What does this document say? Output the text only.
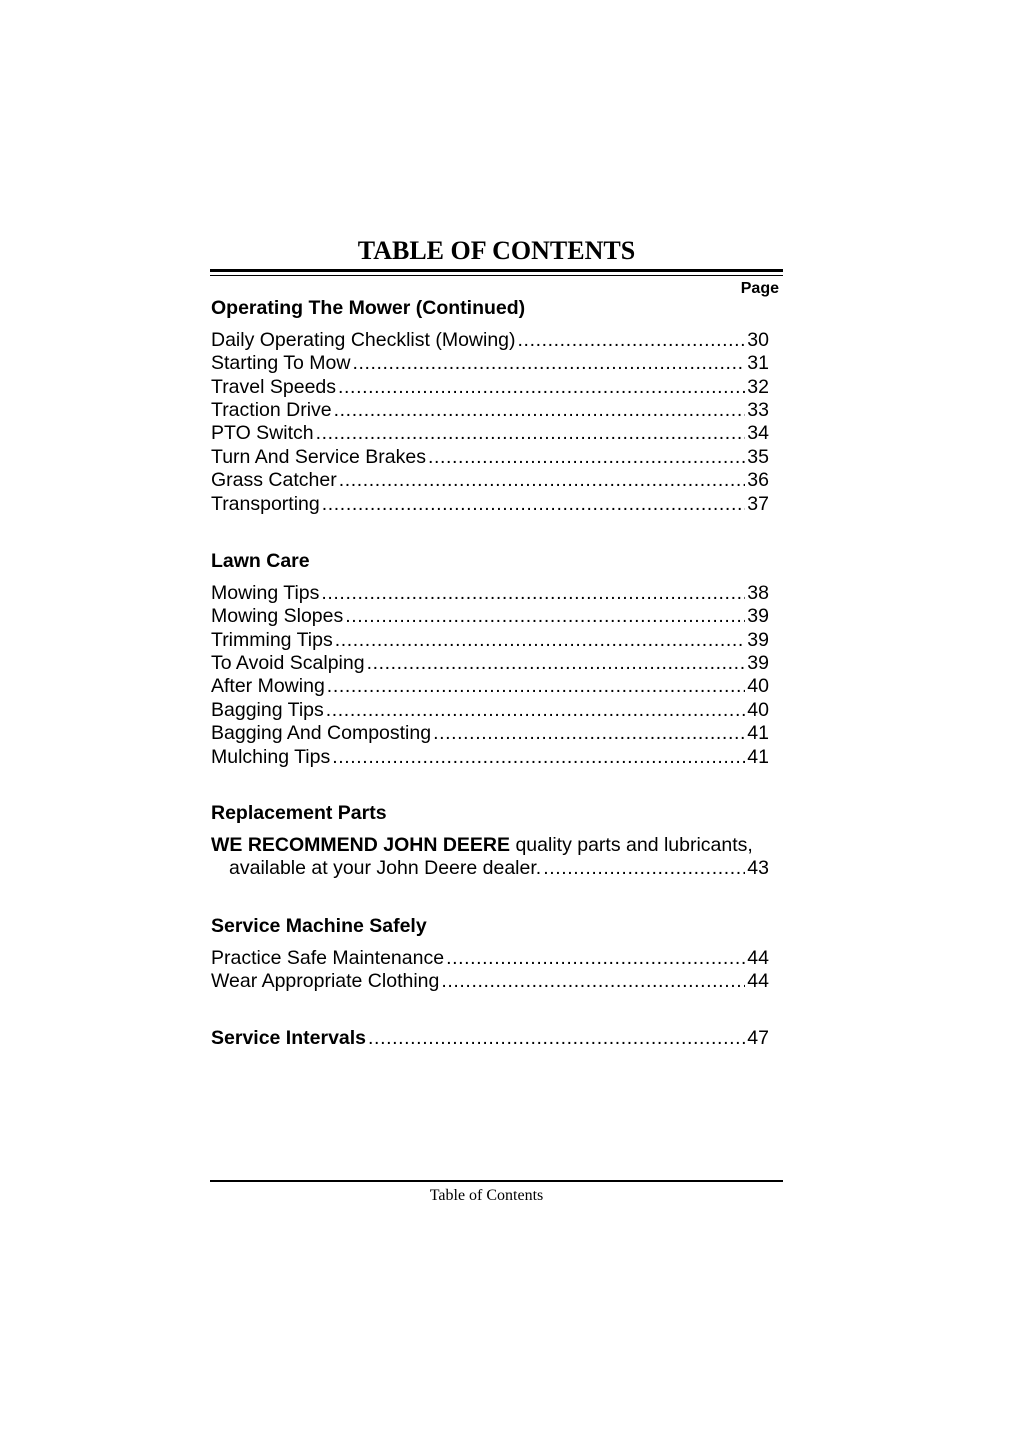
TABLE OF CONTENTS
Page
Operating The Mower (Continued)
Daily Operating Checklist (Mowing) .....	30
Starting To Mow .....	31
Travel Speeds .....	32
Traction Drive .....	33
PTO Switch .....	34
Turn And Service Brakes .....	35
Grass Catcher .....	36
Transporting .....	37
Lawn Care
Mowing Tips .....	38
Mowing Slopes .....	39
Trimming Tips .....	39
To Avoid Scalping .....	39
After Mowing .....	40
Bagging Tips .....	40
Bagging And Composting .....	41
Mulching Tips .....	41
Replacement Parts
WE RECOMMEND JOHN DEERE quality parts and lubricants,
available at your John Deere dealer. .....	43
Service Machine Safely
Practice Safe Maintenance .....	44
Wear Appropriate Clothing .....	44
Service Intervals .....	47
Table of Contents
